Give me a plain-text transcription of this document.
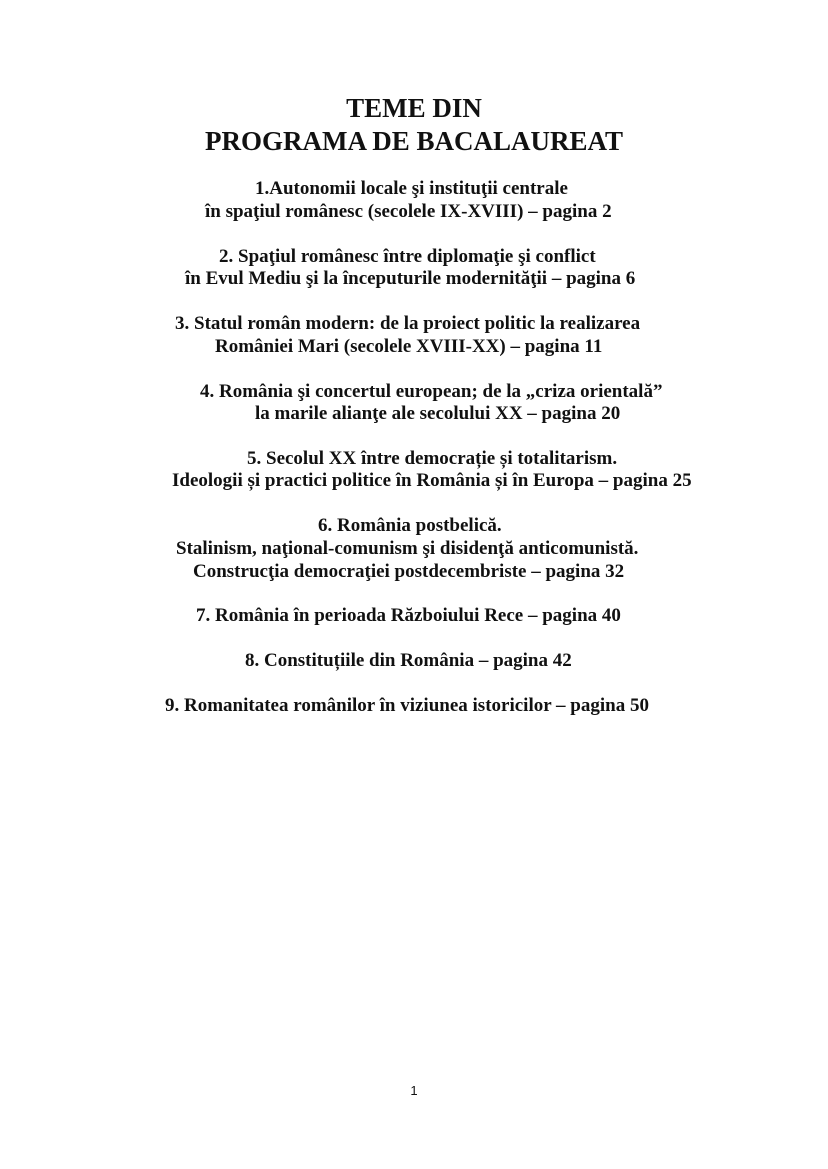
TEME DIN
PROGRAMA DE BACALAUREAT
1.Autonomii locale şi instituţii centrale
în spaţiul românesc (secolele IX-XVIII) – pagina 2
2. Spaţiul românesc între diplomaţie şi conflict
în Evul Mediu şi la începuturile modernităţii – pagina 6
3. Statul român modern: de la proiect politic la realizarea
României Mari (secolele XVIII-XX) – pagina 11
4. România şi concertul european; de la „criza orientală”
la marile alianţe ale secolului XX – pagina 20
5. Secolul XX între democrație și totalitarism.
Ideologii și practici politice în România și în Europa – pagina 25
6. România postbelică.
Stalinism, naţional-comunism şi disidenţă anticomunistă.
Construcţia democraţiei postdecembriste – pagina 32
7. România în perioada Războiului Rece – pagina 40
8. Constituțiile din România – pagina 42
9. Romanitatea românilor în viziunea istoricilor – pagina 50
1
